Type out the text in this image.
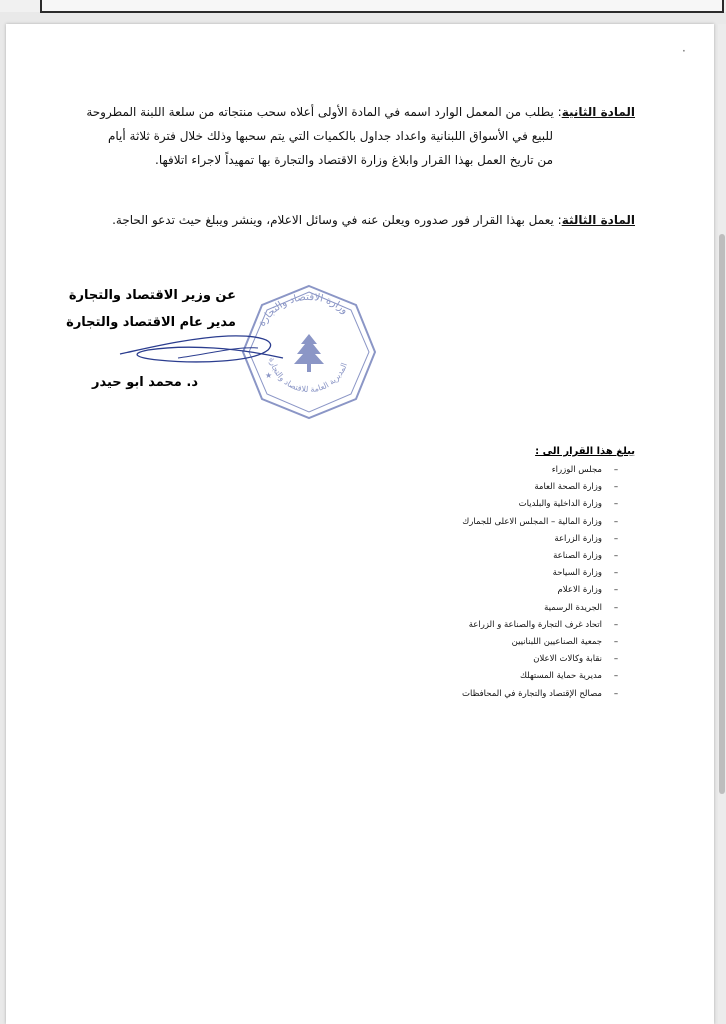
·
المادة الثانية: يطلب من المعمل الوارد اسمه في المادة الأولى أعلاه سحب منتجاته من سلعة اللبنة المطروحة
للبيع في الأسواق اللبنانية واعداد جداول بالكميات التي يتم سحبها وذلك خلال فترة ثلاثة أيام
من تاريخ العمل بهذا القرار وابلاغ وزارة الاقتصاد والتجارة بها تمهيداً لاجراء اتلافها.
المادة الثالثة: يعمل بهذا القرار فور صدوره ويعلن عنه في وسائل الاعلام، وينشر ويبلغ حيث تدعو الحاجة.
وزارة الاقتصاد والتجارة
المديرية العامة للاقتصاد والتجارة
★
عن وزير الاقتصاد والتجارة
مدير عام الاقتصاد والتجارة
د. محمد ابو حيدر
يبلغ هذا القرار الى :
–مجلس الوزراء
–وزارة الصحة العامة
–وزارة الداخلية والبلديات
–وزارة المالية – المجلس الاعلى للجمارك
–وزارة الزراعة
–وزارة الصناعة
–وزارة السياحة
–وزارة الاعلام
–الجريدة الرسمية
–اتحاد غرف التجارة والصناعة و الزراعة
–جمعية الصناعيين اللبنانيين
–نقابة وكالات الاعلان
–مديرية حماية المستهلك
–مصالح الإقتصاد والتجارة في المحافظات
